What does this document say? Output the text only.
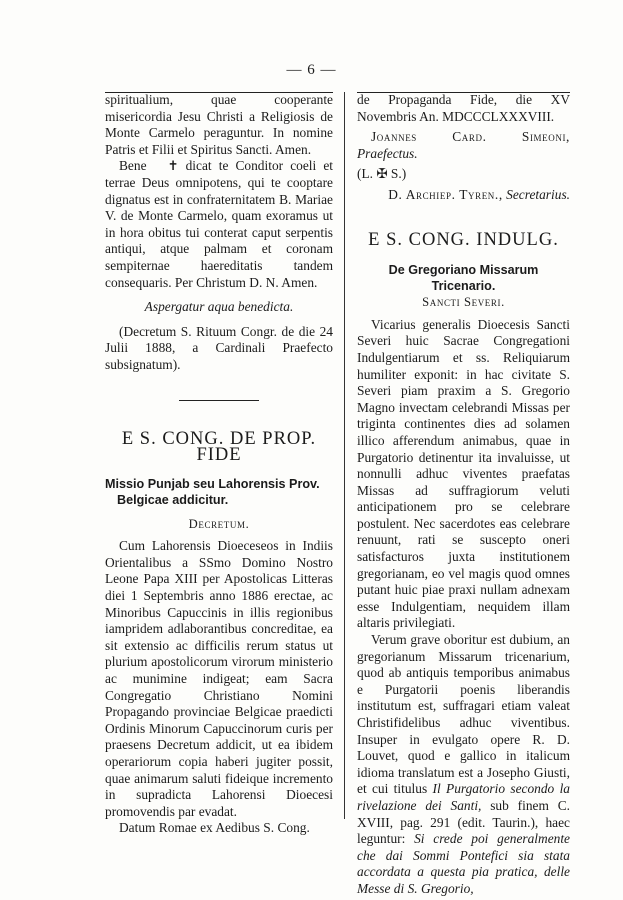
— 6 —

spiritualium, quae cooperante misericordia Jesu Christi a Religiosis de Monte Carmelo peraguntur. In nomine Patris et Filii et Spiritus Sancti. Amen.

Bene ✝ dicat te Conditor coeli et terrae Deus omnipotens, qui te cooptare dignatus est in confraternitatem B. Mariae V. de Monte Carmelo, quam exoramus ut in hora obitus tui conterat caput serpentis antiqui, atque palmam et coronam sempiternae haereditatis tandem consequaris. Per Christum D. N. Amen.

Aspergatur aqua benedicta.

(Decretum S. Rituum Congr. de die 24 Julii 1888, a Cardinali Praefecto subsignatum).

E S. CONG. DE PROP. FIDE

Missio Punjab seu Lahorensis Prov. Belgicae addicitur.

Decretum.

Cum Lahorensis Dioeceseos in Indiis Orientalibus a SSmo Domino Nostro Leone Papa XIII per Apostolicas Litteras diei 1 Septembris anno 1886 erectae, ac Minoribus Capuccinis in illis regionibus iampridem adlaborantibus concreditae, ea sit extensio ac difficilis rerum status ut plurium apostolicorum virorum ministerio ac munimine indigeat; eam Sacra Congregatio Christiano Nomini Propagando provinciae Belgicae praedicti Ordinis Minorum Capuccinorum curis per praesens Decretum addicit, ut ea ibidem operariorum copia haberi jugiter possit, quae animarum saluti fideique incremento in supradicta Lahorensi Dioecesi promovendis par evadat.

Datum Romae ex Aedibus S. Cong.

de Propaganda Fide, die XV Novembris An. MDCCCLXXXVIII.

Joannes Card. Simeoni, Praefectus.

(L. ✠ S.)

D. Archiep. Tyren., Secretarius.

E S. CONG. INDULG.

De Gregoriano Missarum Tricenario.

Sancti Severi.

Vicarius generalis Dioecesis Sancti Severi huic Sacrae Congregationi Indulgentiarum et ss. Reliquiarum humiliter exponit: in hac civitate S. Severi piam praxim a S. Gregorio Magno invectam celebrandi Missas per triginta continentes dies ad solamen illico afferendum animabus, quae in Purgatorio detinentur ita invaluisse, ut nonnulli adhuc viventes praefatas Missas ad suffragiorum veluti anticipationem pro se celebrare postulent. Nec sacerdotes eas celebrare renuunt, rati se suscepto oneri satisfacturos juxta institutionem gregorianam, eo vel magis quod omnes putant huic piae praxi nullam adnexam esse Indulgentiam, nequidem illam altaris privilegiati.

Verum grave oboritur est dubium, an gregorianum Missarum tricenarium, quod ab antiquis temporibus animabus e Purgatorii poenis liberandis institutum est, suffragari etiam valeat Christifidelibus adhuc viventibus. Insuper in evulgato opere R. D. Louvet, quod e gallico in italicum idioma translatum est a Josepho Giusti, et cui titulus Il Purgatorio secondo la rivelazione dei Santi, sub finem C. XVIII, pag. 291 (edit. Taurin.), haec leguntur: Si crede poi generalmente che dai Sommi Pontefici sia stata accordata a questa pia pratica, delle Messe di S. Gregorio,
